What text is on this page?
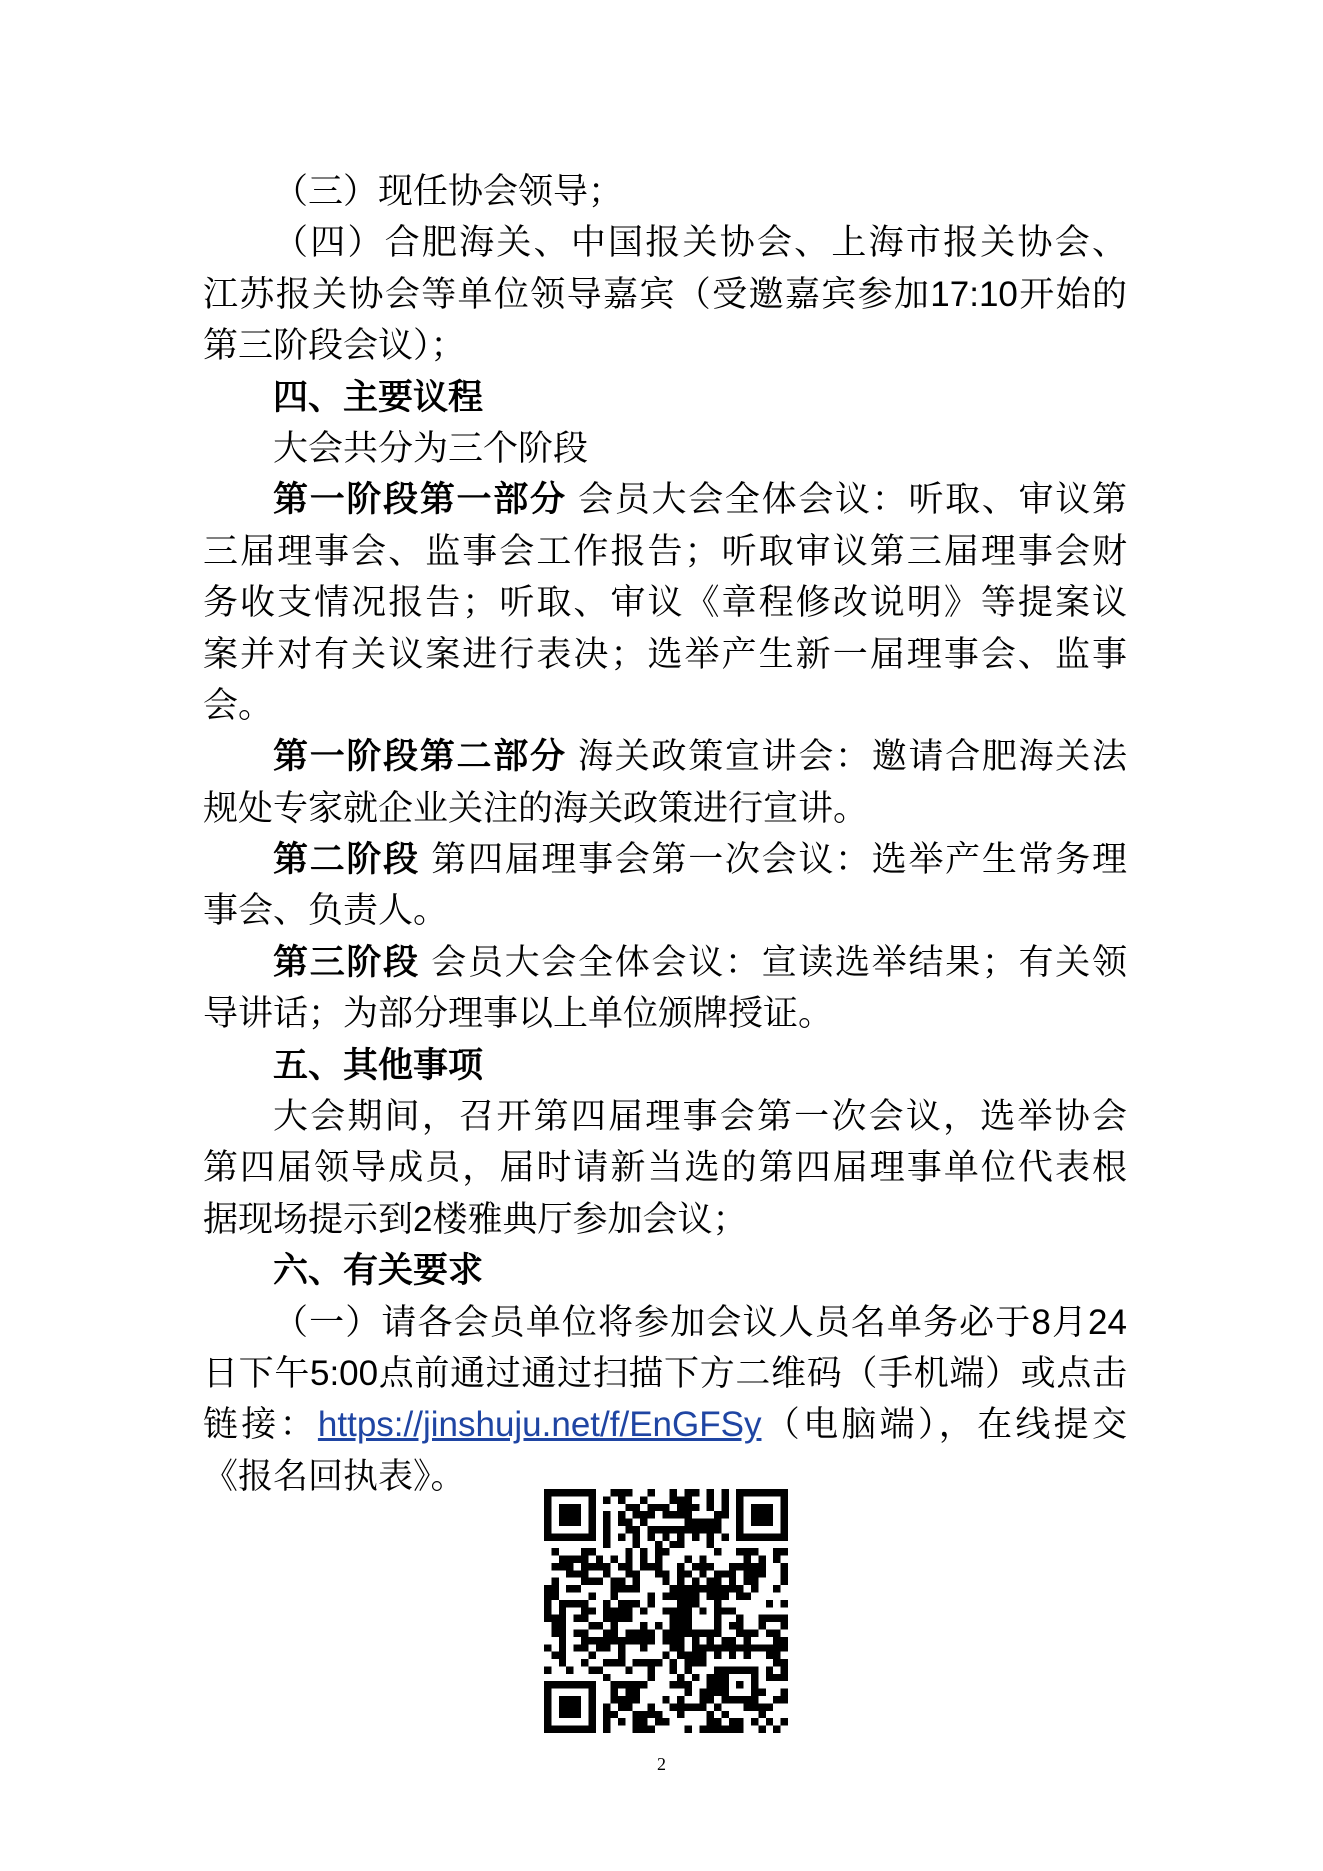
（三）现任协会领导；
（四）合肥海关、中国报关协会、上海市报关协会、
江苏报关协会等单位领导嘉宾（受邀嘉宾参加17:10开始的
第三阶段会议）；
四、主要议程
大会共分为三个阶段
第一阶段第一部分 会员大会全体会议：听取、审议第
三届理事会、监事会工作报告；听取审议第三届理事会财
务收支情况报告；听取、审议《章程修改说明》等提案议
案并对有关议案进行表决；选举产生新一届理事会、监事
会。
第一阶段第二部分 海关政策宣讲会：邀请合肥海关法
规处专家就企业关注的海关政策进行宣讲。
第二阶段 第四届理事会第一次会议：选举产生常务理
事会、负责人。
第三阶段 会员大会全体会议：宣读选举结果；有关领
导讲话；为部分理事以上单位颁牌授证。
五、其他事项
大会期间，召开第四届理事会第一次会议，选举协会
第四届领导成员，届时请新当选的第四届理事单位代表根
据现场提示到2楼雅典厅参加会议；
六、有关要求
（一）请各会员单位将参加会议人员名单务必于8月24
日下午5:00点前通过通过扫描下方二维码（手机端）或点击
链接：https://jinshuju.net/f/EnGFSy（电脑端），在线提交
《报名回执表》。
2
